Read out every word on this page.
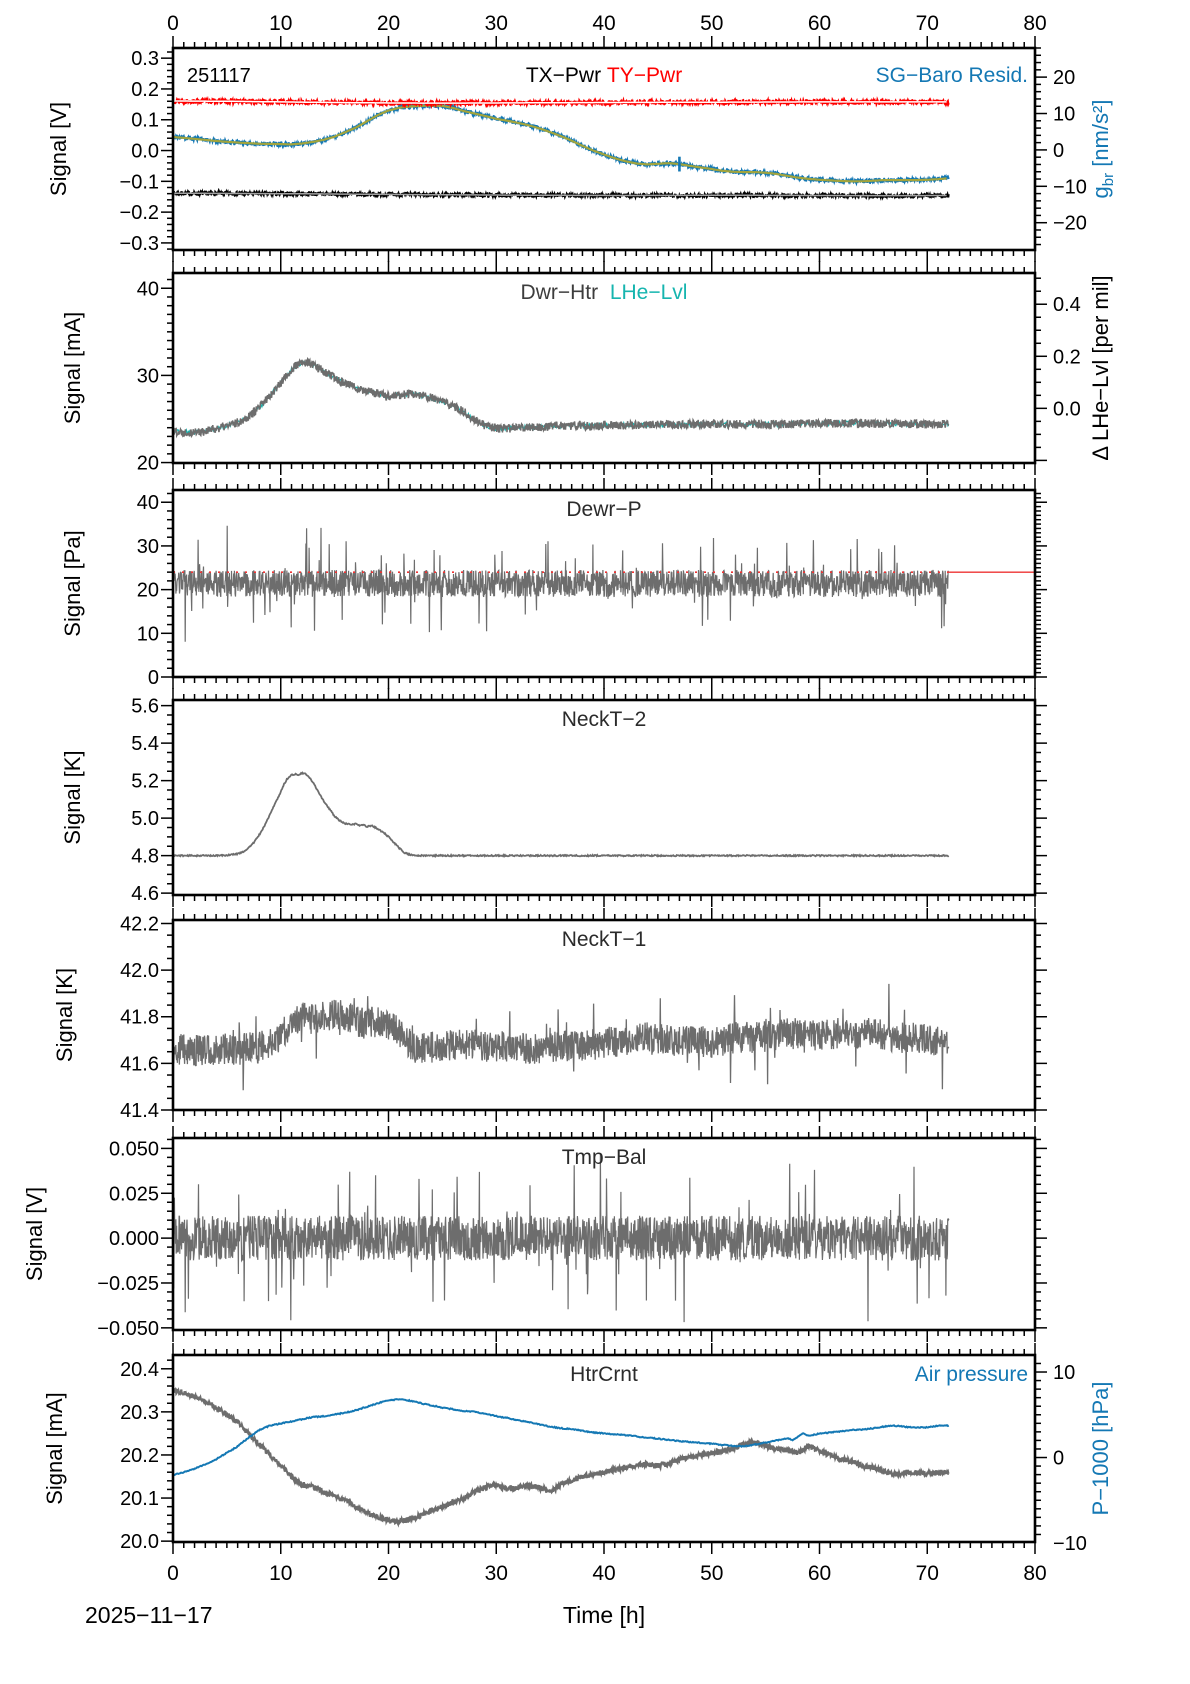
0.3
0.2
0.1
0.0
−0.1
−0.2
−0.3
Signal [V]
20
10
0
−10
−20
$g_{br}$ [nm/s²]
0	10	20	30	40	50	60	70	80
251117	TX−Pwr TY−Pwr	SG−Baro Resid.
40
30
20
Signal [mA]
0.4
0.2
0.0 Δ LHe−Lvl [per mil]
Dwr−Htr LHe−Lvl
40
30
20
10
0
Signal [Pa]
Dewr−P
5.6
5.4
5.2
5.0
4.8
4.6
Signal [K]
NeckT−2
42.2
42.0
41.8
41.6
41.4
Signal [K]
NeckT−1
0.050
0.025
0.000
−0.025
−0.050
Signal [V]
Tmp−Bal
20.4
20.3
20.2
20.1
20.0
Signal [mA]
10
0
−10
P−1000 [hPa]
0	10	20	30	40	50	60	70	80
HtrCrnt	Air pressure
2025−11−17	Time [h]
